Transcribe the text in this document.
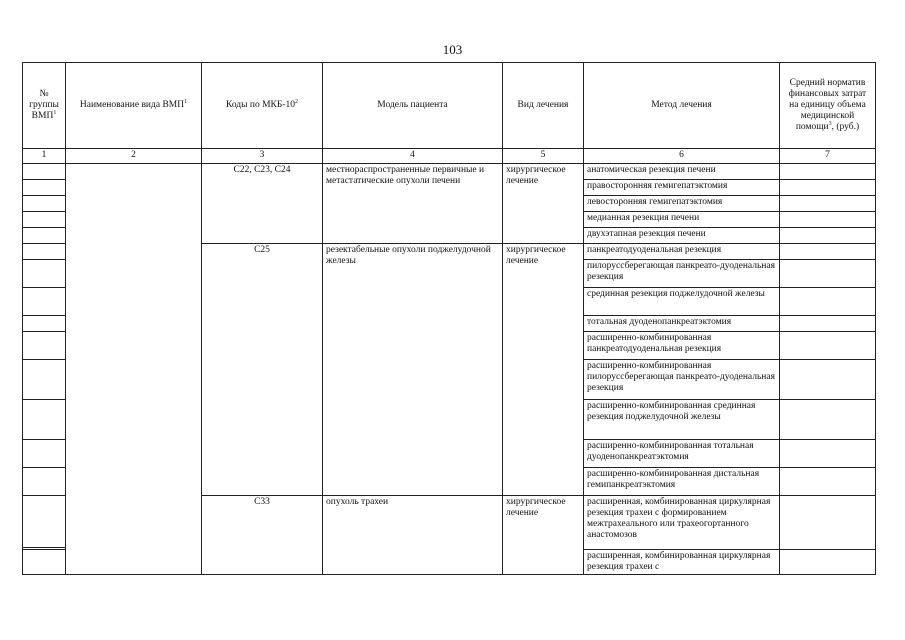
103
№ группы ВМП$^1$	Наименование вида ВМП$^1$	Коды по МКБ-$10^2$	Модель пациента	Вид лечения	Метод лечения	Средний норматив финансовых затрат на единицу объема медицинской помощи$^3$, (руб.)
1	2	3	4	5	6	7
		C22, C23, C24	местнораспространенные первичные и метастатические опухоли печени	хирургическое лечение	анатомическая резекция печени	
					правосторонняя гемигепатэктомия	
					левосторонняя гемигепатэктомия	
					медианная резекция печени	
					двухэтапная резекция печени	
		C25	резектабельные опухоли поджелудочной железы	хирургическое лечение	панкреатодуоденальная резекция	
					пилоруссберегающая панкреато-дуоденальная резекция	
					срединная резекция поджелудочной железы	
					тотальная дуоденопанкреатэктомия	
					расширенно-комбинированная панкреатодуоденальная резекция	
					расширенно-комбинированная пилоруссберегающая панкреато-дуоденальная резекция	
					расширенно-комбинированная срединная резекция поджелудочной железы	
					расширенно-комбинированная тотальная дуоденопанкреатэктомия	
					расширенно-комбинированная дистальная гемипанкреатэктомия	
		C33	опухоль трахеи	хирургическое лечение	расширенная, комбинированная циркулярная резекция трахеи с формированием межтрахеального или трахеогортанного анастомозов	

					расширенная, комбинированная циркулярная резекция трахеи с	
